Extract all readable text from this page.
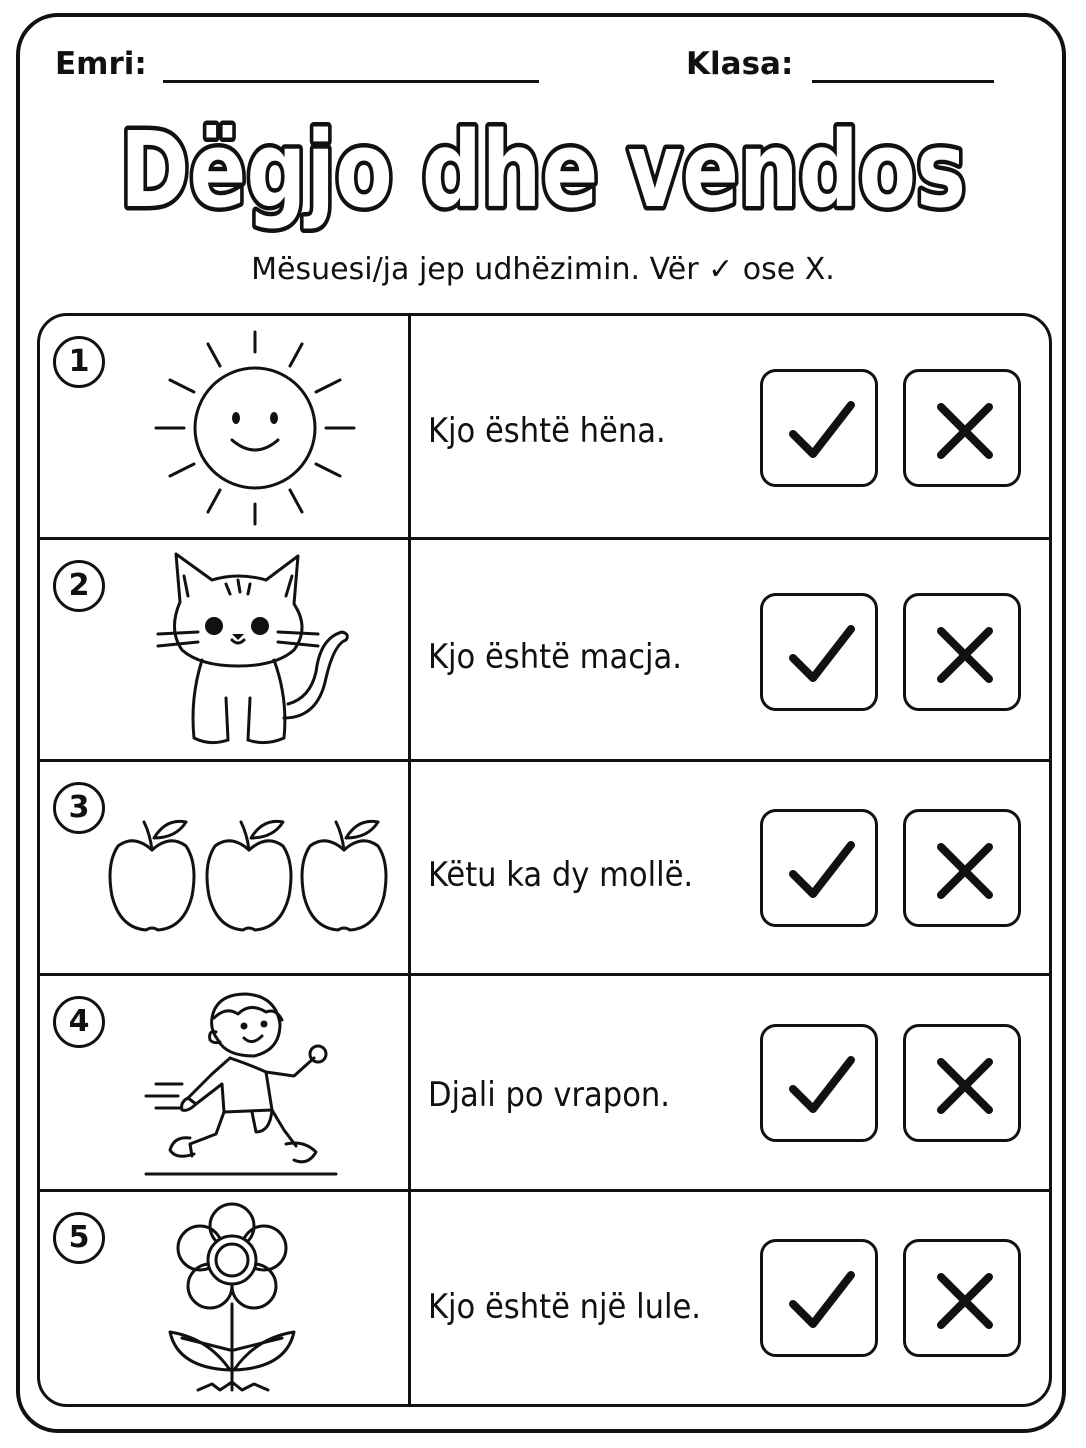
Emri:	Klasa:
Dëgjo dhe vendos
Mësuesi/ja jep udhëzimin. Vër ✓ ose X.
1
Kjo është hëna.
2
Kjo është macja.
3
Këtu ka dy mollë.
4
Djali po vrapon.
5
Kjo është një lule.
